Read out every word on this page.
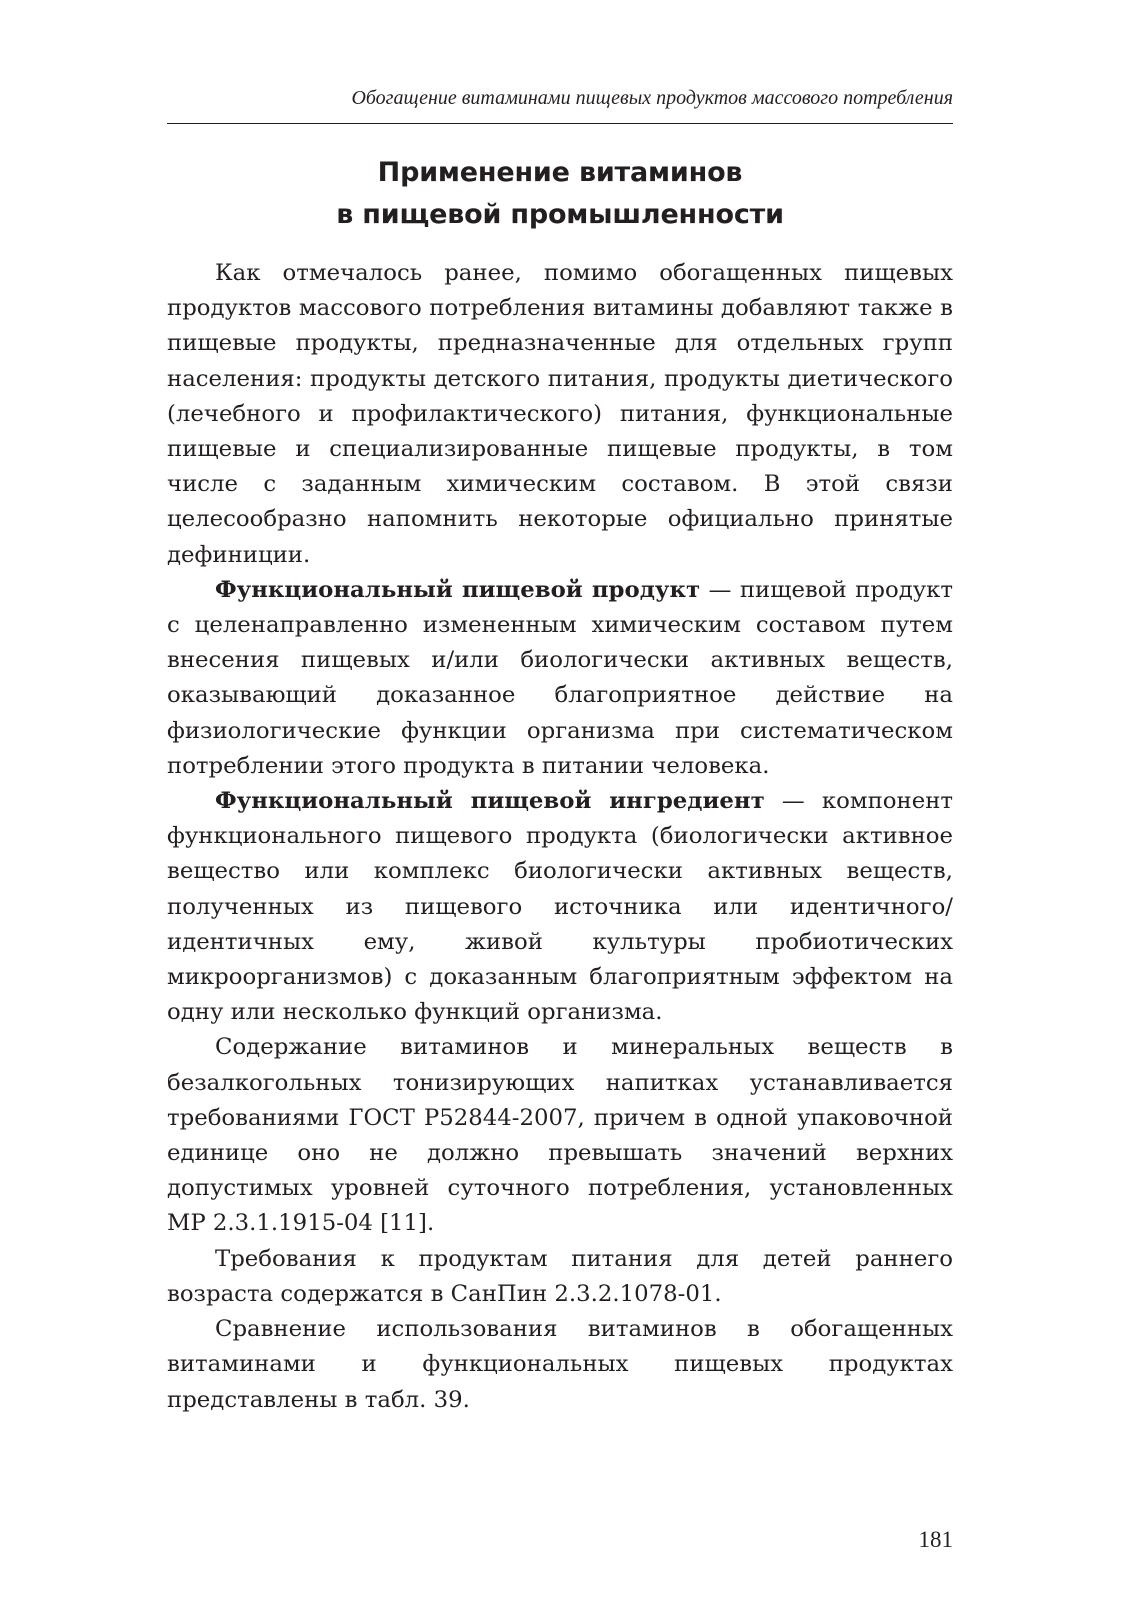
Обогащение витаминами пищевых продуктов массового потребления
Применение витаминов
в пищевой промышленности

Как отмечалось ранее, помимо обогащенных пищевых продуктов массового потребления витамины добавляют также в пищевые продукты, предназначенные для отдельных групп населения: продукты детского питания, продукты диетического (лечебного и профилактического) питания, функциональные пищевые и специализированные пищевые продукты, в том числе с заданным химическим составом. В этой связи целесообразно напомнить некоторые официально принятые дефиниции.

Функциональный пищевой продукт — пищевой продукт с целенаправленно измененным химическим составом путем внесения пищевых и/или биологически активных веществ, оказывающий доказанное благоприятное действие на физиологические функции организма при систематическом потреблении этого продукта в питании человека.

Функциональный пищевой ингредиент — компонент функционального пищевого продукта (биологически активное вещество или комплекс биологически активных веществ, полученных из пищевого источника или идентичного/идентичных ему, живой культуры пробиотических микроорганизмов) с доказанным благоприятным эффектом на одну или несколько функций организма.

Содержание витаминов и минеральных веществ в безалкогольных тонизирующих напитках устанавливается требованиями ГОСТ Р52844-2007, причем в одной упаковочной единице оно не должно превышать значений верхних допустимых уровней суточного потребления, установленных МР 2.3.1.1915-04 [11].

Требования к продуктам питания для детей раннего возраста содержатся в СанПин 2.3.2.1078-01.

Сравнение использования витаминов в обогащенных витаминами и функциональных пищевых продуктах представлены в табл. 39.

181
